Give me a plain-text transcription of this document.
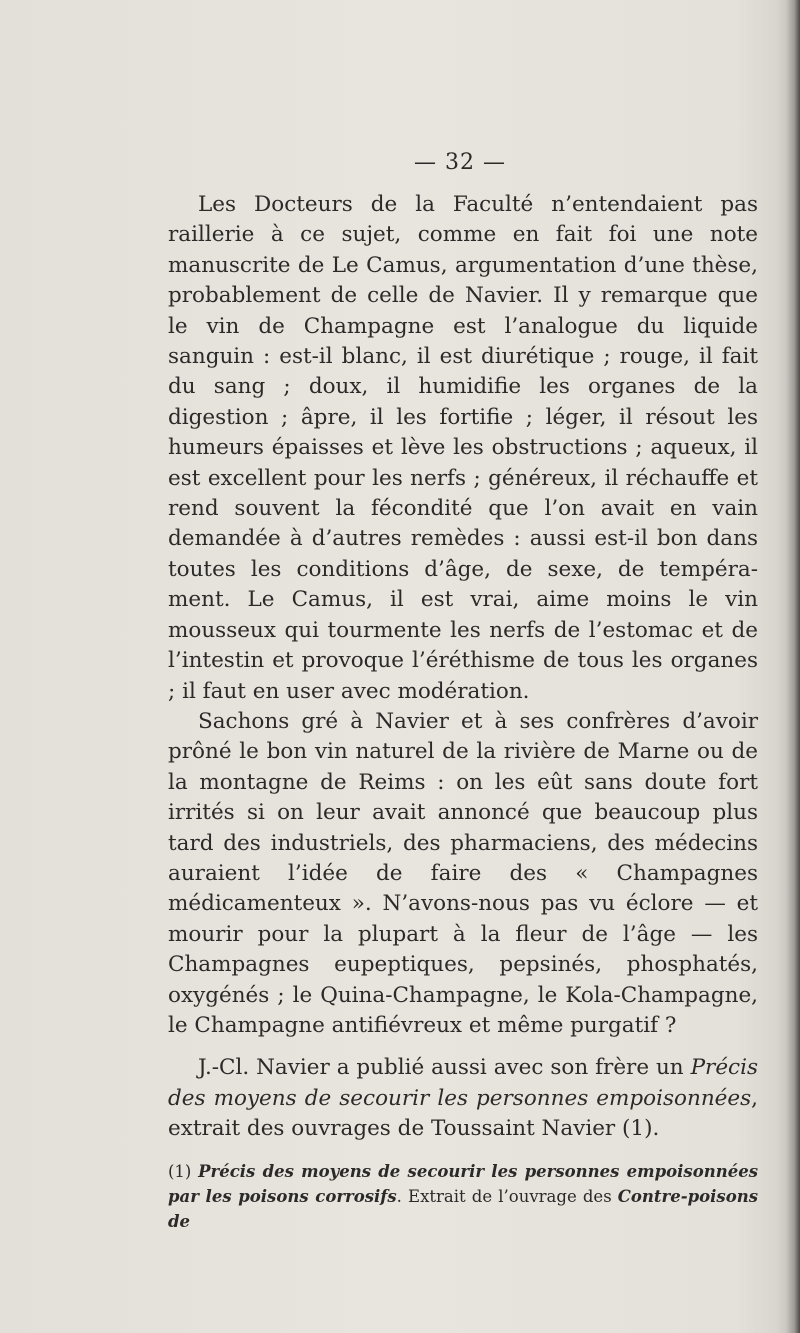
— 32 —

Les Docteurs de la Faculté n’entendaient pas raillerie à ce sujet, comme en fait foi une note manuscrite de Le Camus, argumentation d’une thèse, probablement de celle de Navier. Il y remarque que le vin de Champagne est l’analogue du liquide sanguin : est-il blanc, il est diurétique ; rouge, il fait du sang ; doux, il humidifie les organes de la digestion ; âpre, il les fortifie ; léger, il résout les humeurs épaisses et lève les obstructions ; aqueux, il est excellent pour les nerfs ; généreux, il réchauffe et rend souvent la fécondité que l’on avait en vain demandée à d’autres remèdes : aussi est-il bon dans toutes les conditions d’âge, de sexe, de tempéra-ment. Le Camus, il est vrai, aime moins le vin mousseux qui tourmente les nerfs de l’estomac et de l’intestin et provoque l’éréthisme de tous les organes ; il faut en user avec modération.

Sachons gré à Navier et à ses confrères d’avoir prôné le bon vin naturel de la rivière de Marne ou de la montagne de Reims : on les eût sans doute fort irrités si on leur avait annoncé que beaucoup plus tard des industriels, des pharmaciens, des médecins auraient l’idée de faire des « Champagnes médicamenteux ». N’avons-nous pas vu éclore — et mourir pour la plupart à la fleur de l’âge — les Champagnes eupeptiques, pepsinés, phosphatés, oxygénés ; le Quina-Champagne, le Kola-Champagne, le Champagne antifiévreux et même purgatif ?

J.-Cl. Navier a publié aussi avec son frère un Précis des moyens de secourir les personnes empoisonnées, extrait des ouvrages de Toussaint Navier (1).

(1) Précis des moyens de secourir les personnes empoisonnées par les poisons corrosifs. Extrait de l’ouvrage des Contre-poisons de
